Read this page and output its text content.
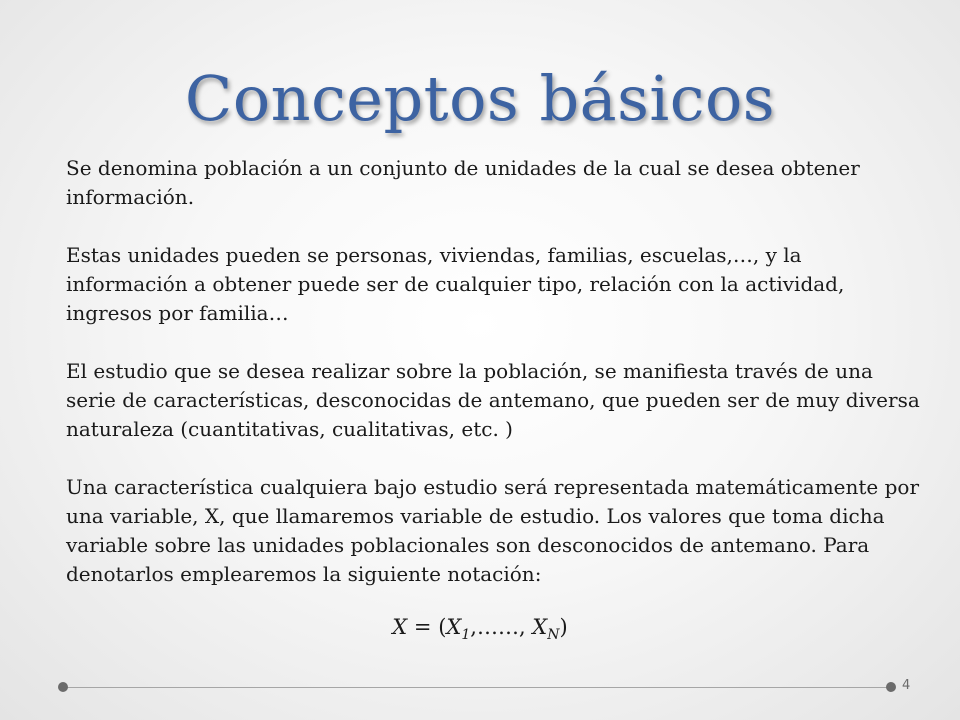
Conceptos básicos

Se denomina población a un conjunto de unidades de la cual se desea obtener información.

Estas unidades pueden se personas, viviendas, familias, escuelas,…, y la información a obtener puede ser de cualquier tipo, relación con la actividad, ingresos por familia…

El estudio que se desea realizar sobre la población, se manifiesta través de una serie de características, desconocidas de antemano, que pueden ser de muy diversa naturaleza (cuantitativas, cualitativas, etc. )

Una característica cualquiera bajo estudio será representada matemáticamente por una variable, X, que llamaremos variable de estudio. Los valores que toma dicha variable sobre las unidades poblacionales son desconocidos de antemano. Para denotarlos emplearemos la siguiente notación:

$X = (X_1,\dots\dots$, $X_N$)
4
